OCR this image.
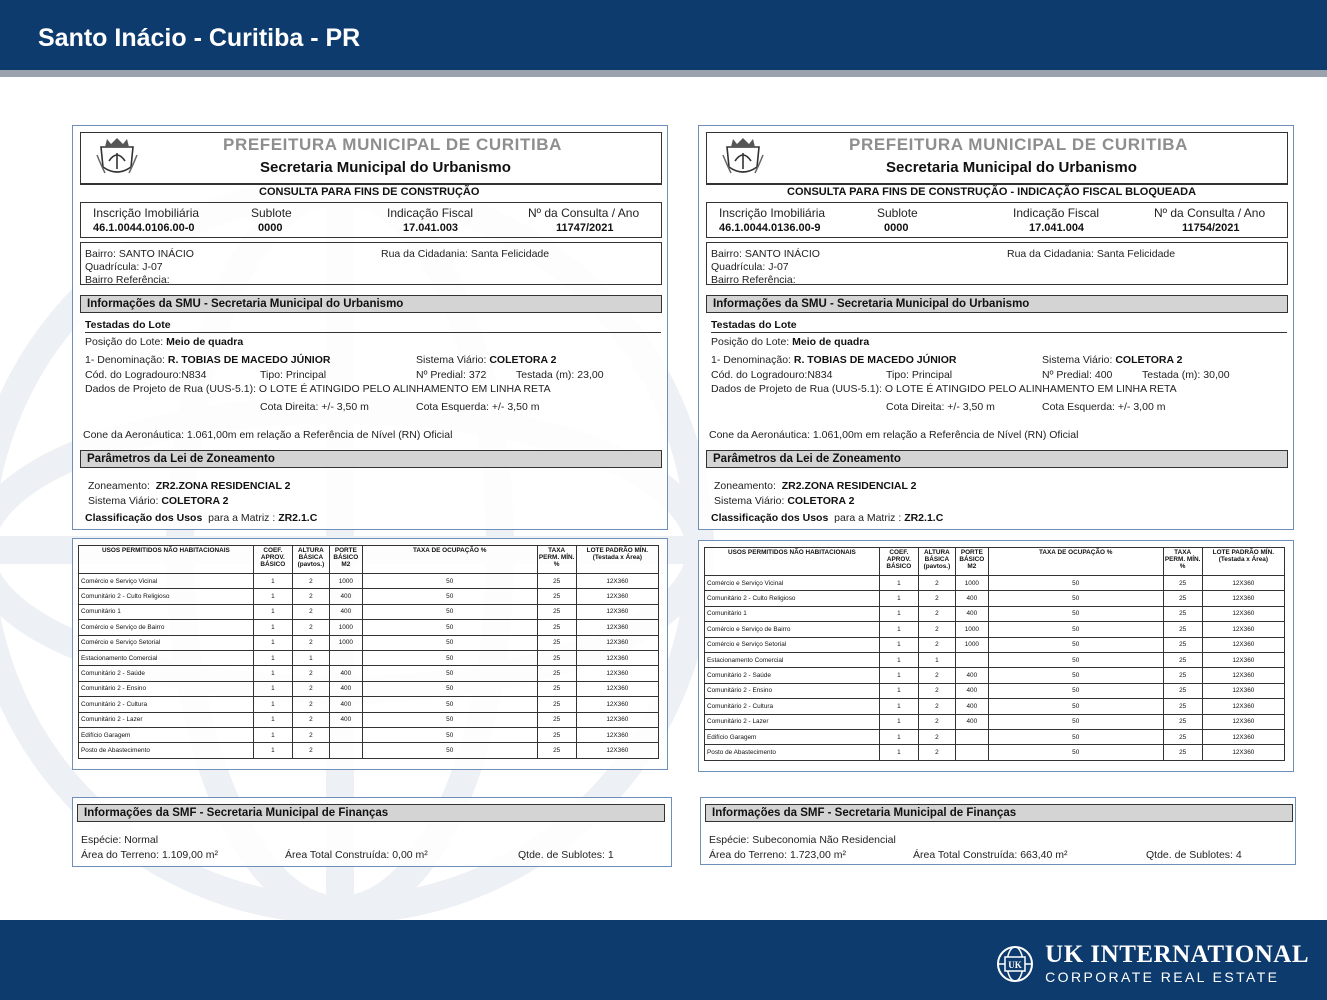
Santo Inácio - Curitiba - PR
PREFEITURA MUNICIPAL DE CURITIBA
Secretaria Municipal do Urbanismo
CONSULTA PARA FINS DE CONSTRUÇÃO
Inscrição Imobiliária	Sublote	Indicação Fiscal	Nº da Consulta / Ano
46.1.0044.0106.00-0	0000	17.041.003	11747/2021
Bairro: SANTO INÁCIO
Quadrícula: J-07
Bairro Referência:
Rua da Cidadania: Santa Felicidade
Informações da SMU - Secretaria Municipal do Urbanismo
Testadas do Lote
Posição do Lote: Meio de quadra
1- Denominação: R. TOBIAS DE MACEDO JÚNIOR	Sistema Viário: COLETORA 2
Cód. do Logradouro:N834	Tipo: Principal	Nº Predial: 372	Testada (m): 23,00
Dados de Projeto de Rua (UUS-5.1): O LOTE É ATINGIDO PELO ALINHAMENTO EM LINHA RETA
Cota Direita: +/- 3,50 m	Cota Esquerda: +/- 3,50 m
Cone da Aeronáutica: 1.061,00m em relação a Referência de Nível (RN) Oficial
Parâmetros da Lei de Zoneamento
Zoneamento: ZR2.ZONA RESIDENCIAL 2
Sistema Viário: COLETORA 2
Classificação dos Usos para a Matriz : ZR2.1.C
USOS PERMITIDOS NÃO HABITACIONAIS	COEF. APROV. BÁSICO	ALTURA BÁSICA (pavtos.)	PORTE BÁSICO M2	TAXA DE OCUPAÇÃO %	TAXA PERM. MÍN. %	LOTE PADRÃO MÍN. (Testada x Área)
Comércio e Serviço Vicinal	1	2	1000	50	25	12X360
Comunitário 2 - Culto Religioso	1	2	400	50	25	12X360
Comunitário 1	1	2	400	50	25	12X360
Comércio e Serviço de Bairro	1	2	1000	50	25	12X360
Comércio e Serviço Setorial	1	2	1000	50	25	12X360
Estacionamento Comercial	1	1		50	25	12X360
Comunitário 2 - Saúde	1	2	400	50	25	12X360
Comunitário 2 - Ensino	1	2	400	50	25	12X360
Comunitário 2 - Cultura	1	2	400	50	25	12X360
Comunitário 2 - Lazer	1	2	400	50	25	12X360
Edifício Garagem	1	2		50	25	12X360
Posto de Abastecimento	1	2		50	25	12X360
Informações da SMF - Secretaria Municipal de Finanças
Espécie: Normal
Área do Terreno: 1.109,00 m²	Área Total Construída: 0,00 m²	Qtde. de Sublotes: 1
PREFEITURA MUNICIPAL DE CURITIBA
Secretaria Municipal do Urbanismo
CONSULTA PARA FINS DE CONSTRUÇÃO - INDICAÇÃO FISCAL BLOQUEADA
Inscrição Imobiliária	Sublote	Indicação Fiscal	Nº da Consulta / Ano
46.1.0044.0136.00-9	0000	17.041.004	11754/2021
Bairro: SANTO INÁCIO
Quadrícula: J-07
Bairro Referência:
Rua da Cidadania: Santa Felicidade
Informações da SMU - Secretaria Municipal do Urbanismo
Testadas do Lote
Posição do Lote: Meio de quadra
1- Denominação: R. TOBIAS DE MACEDO JÚNIOR	Sistema Viário: COLETORA 2
Cód. do Logradouro:N834	Tipo: Principal	Nº Predial: 400	Testada (m): 30,00
Dados de Projeto de Rua (UUS-5.1): O LOTE É ATINGIDO PELO ALINHAMENTO EM LINHA RETA
Cota Direita: +/- 3,50 m	Cota Esquerda: +/- 3,00 m
Cone da Aeronáutica: 1.061,00m em relação a Referência de Nível (RN) Oficial
Parâmetros da Lei de Zoneamento
Zoneamento: ZR2.ZONA RESIDENCIAL 2
Sistema Viário: COLETORA 2
Classificação dos Usos para a Matriz : ZR2.1.C
USOS PERMITIDOS NÃO HABITACIONAIS	COEF. APROV. BÁSICO	ALTURA BÁSICA (pavtos.)	PORTE BÁSICO M2	TAXA DE OCUPAÇÃO %	TAXA PERM. MÍN. %	LOTE PADRÃO MÍN. (Testada x Área)
Comércio e Serviço Vicinal	1	2	1000	50	25	12X360
Comunitário 2 - Culto Religioso	1	2	400	50	25	12X360
Comunitário 1	1	2	400	50	25	12X360
Comércio e Serviço de Bairro	1	2	1000	50	25	12X360
Comércio e Serviço Setorial	1	2	1000	50	25	12X360
Estacionamento Comercial	1	1		50	25	12X360
Comunitário 2 - Saúde	1	2	400	50	25	12X360
Comunitário 2 - Ensino	1	2	400	50	25	12X360
Comunitário 2 - Cultura	1	2	400	50	25	12X360
Comunitário 2 - Lazer	1	2	400	50	25	12X360
Edifício Garagem	1	2		50	25	12X360
Posto de Abastecimento	1	2		50	25	12X360
Informações da SMF - Secretaria Municipal de Finanças
Espécie: Subeconomia Não Residencial
Área do Terreno: 1.723,00 m²	Área Total Construída: 663,40 m²	Qtde. de Sublotes: 4
UK UK INTERNATIONAL
CORPORATE REAL ESTATE
